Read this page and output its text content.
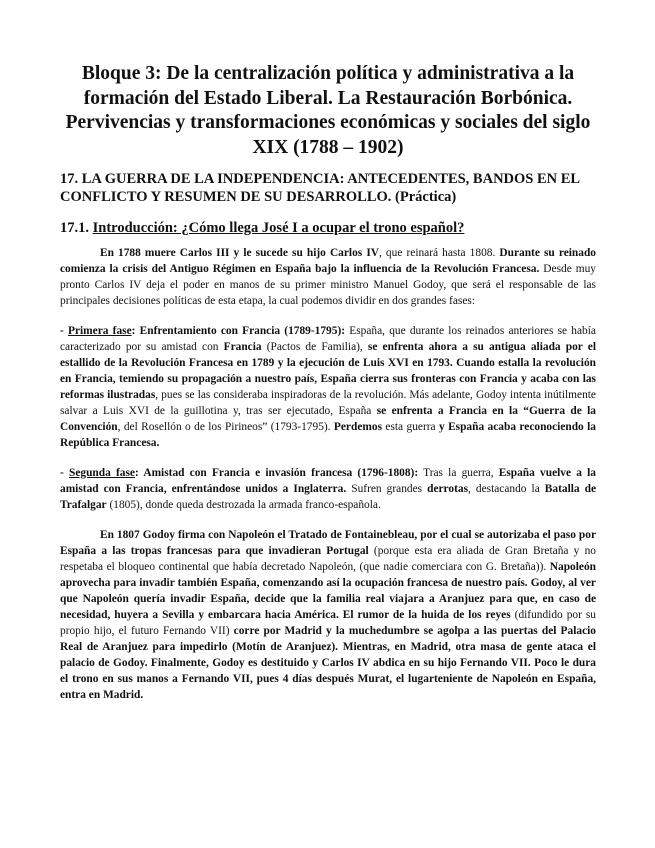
Bloque 3: De la centralización política y administrativa a la formación del Estado Liberal. La Restauración Borbónica. Pervivencias y transformaciones económicas y sociales del siglo XIX (1788 – 1902)
17. LA GUERRA DE LA INDEPENDENCIA: ANTECEDENTES, BANDOS EN EL CONFLICTO Y RESUMEN DE SU DESARROLLO. (Práctica)
17.1. Introducción: ¿Cómo llega José I a ocupar el trono español?

En 1788 muere Carlos III y le sucede su hijo Carlos IV, que reinará hasta 1808. Durante su reinado comienza la crisis del Antiguo Régimen en España bajo la influencia de la Revolución Francesa. Desde muy pronto Carlos IV deja el poder en manos de su primer ministro Manuel Godoy, que será el responsable de las principales decisiones políticas de esta etapa, la cual podemos dividir en dos grandes fases:

- Primera fase: Enfrentamiento con Francia (1789-1795): España, que durante los reinados anteriores se había caracterizado por su amistad con Francia (Pactos de Familia), se enfrenta ahora a su antigua aliada por el estallido de la Revolución Francesa en 1789 y la ejecución de Luis XVI en 1793. Cuando estalla la revolución en Francia, temiendo su propagación a nuestro país, España cierra sus fronteras con Francia y acaba con las reformas ilustradas, pues se las consideraba inspiradoras de la revolución. Más adelante, Godoy intenta inútilmente salvar a Luis XVI de la guillotina y, tras ser ejecutado, España se enfrenta a Francia en la “Guerra de la Convención, del Rosellón o de los Pirineos” (1793-1795). Perdemos esta guerra y España acaba reconociendo la República Francesa.

- Segunda fase: Amistad con Francia e invasión francesa (1796-1808): Tras la guerra, España vuelve a la amistad con Francia, enfrentándose unidos a Inglaterra. Sufren grandes derrotas, destacando la Batalla de Trafalgar (1805), donde queda destrozada la armada franco-española.

En 1807 Godoy firma con Napoleón el Tratado de Fontainebleau, por el cual se autorizaba el paso por España a las tropas francesas para que invadieran Portugal (porque esta era aliada de Gran Bretaña y no respetaba el bloqueo continental que había decretado Napoleón, (que nadie comerciara con G. Bretaña)). Napoleón aprovecha para invadir también España, comenzando así la ocupación francesa de nuestro país. Godoy, al ver que Napoleón quería invadir España, decide que la familia real viajara a Aranjuez para que, en caso de necesidad, huyera a Sevilla y embarcara hacia América. El rumor de la huida de los reyes (difundido por su propio hijo, el futuro Fernando VII) corre por Madrid y la muchedumbre se agolpa a las puertas del Palacio Real de Aranjuez para impedirlo (Motín de Aranjuez). Mientras, en Madrid, otra masa de gente ataca el palacio de Godoy. Finalmente, Godoy es destituido y Carlos IV abdica en su hijo Fernando VII. Poco le dura el trono en sus manos a Fernando VII, pues 4 días después Murat, el lugarteniente de Napoleón en España, entra en Madrid.
